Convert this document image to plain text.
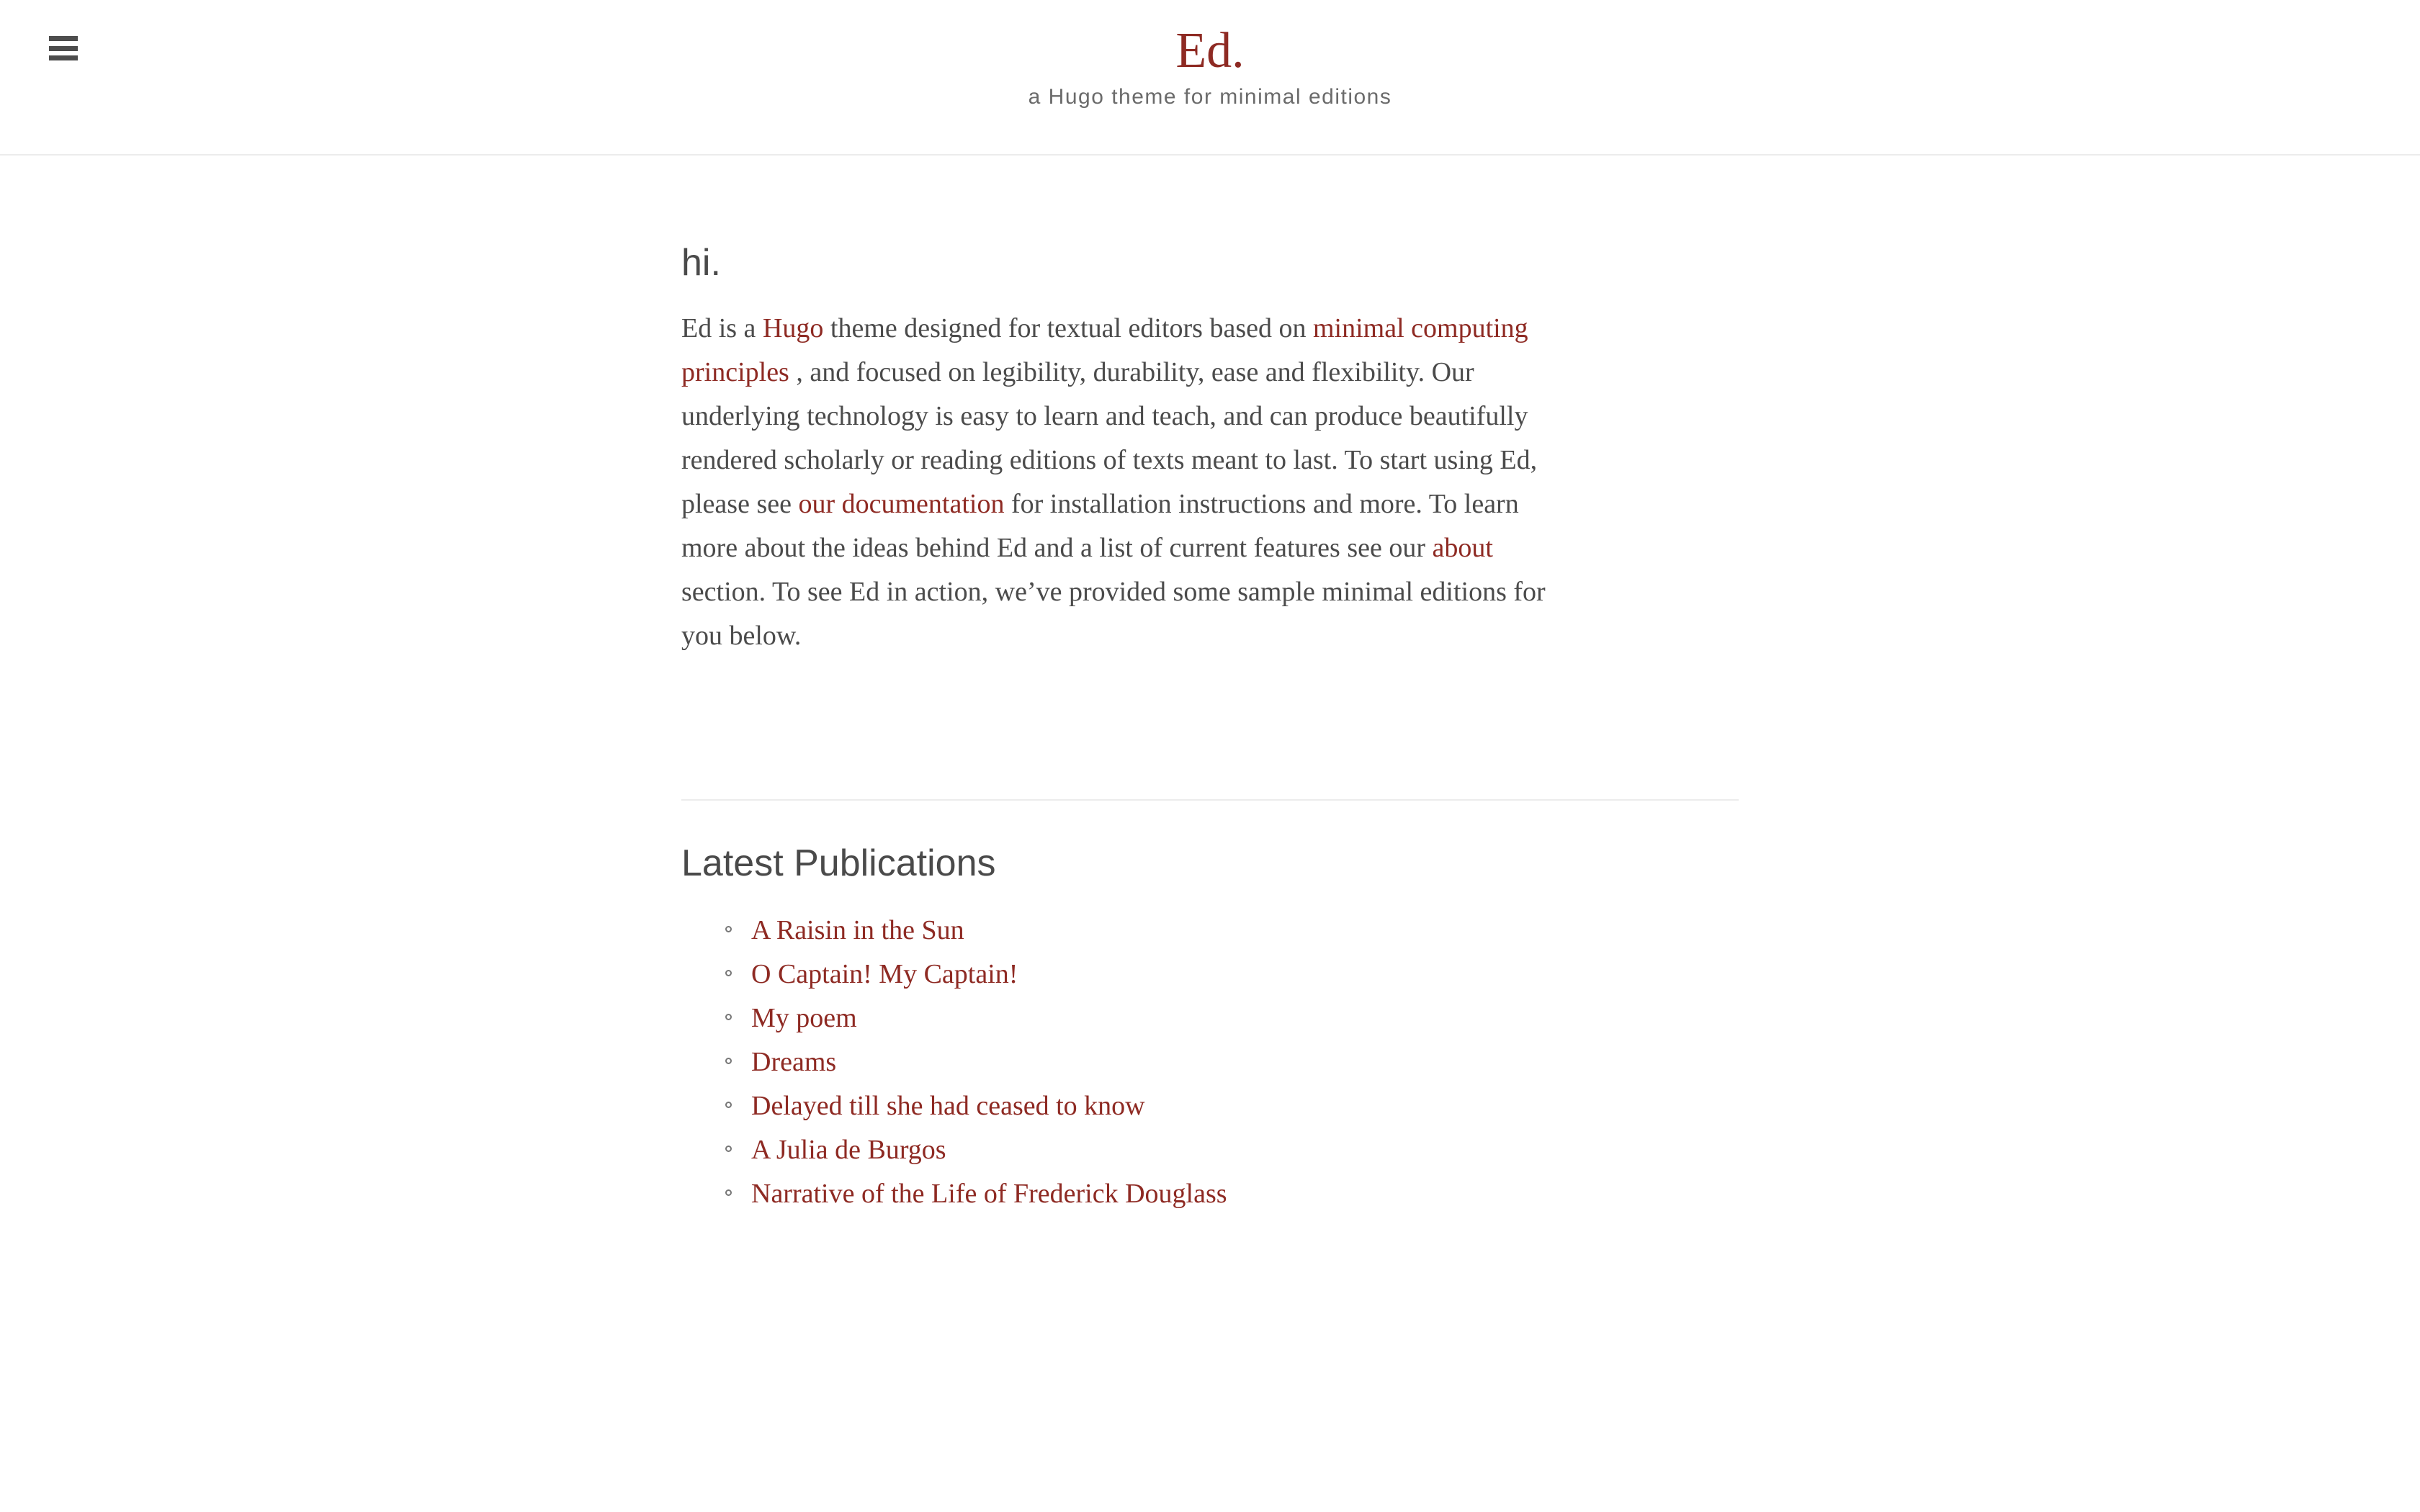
Ed.
a Hugo theme for minimal editions
hi.
Ed is a Hugo theme designed for textual editors based on minimal computing
principles , and focused on legibility, durability, ease and flexibility. Our
underlying technology is easy to learn and teach, and can produce beautifully
rendered scholarly or reading editions of texts meant to last. To start using Ed,
please see our documentation for installation instructions and more. To learn
more about the ideas behind Ed and a list of current features see our about
section. To see Ed in action, we’ve provided some sample minimal editions for
you below.
Latest Publications
A Raisin in the Sun
O Captain! My Captain!
My poem
Dreams
Delayed till she had ceased to know
A Julia de Burgos
Narrative of the Life of Frederick Douglass
